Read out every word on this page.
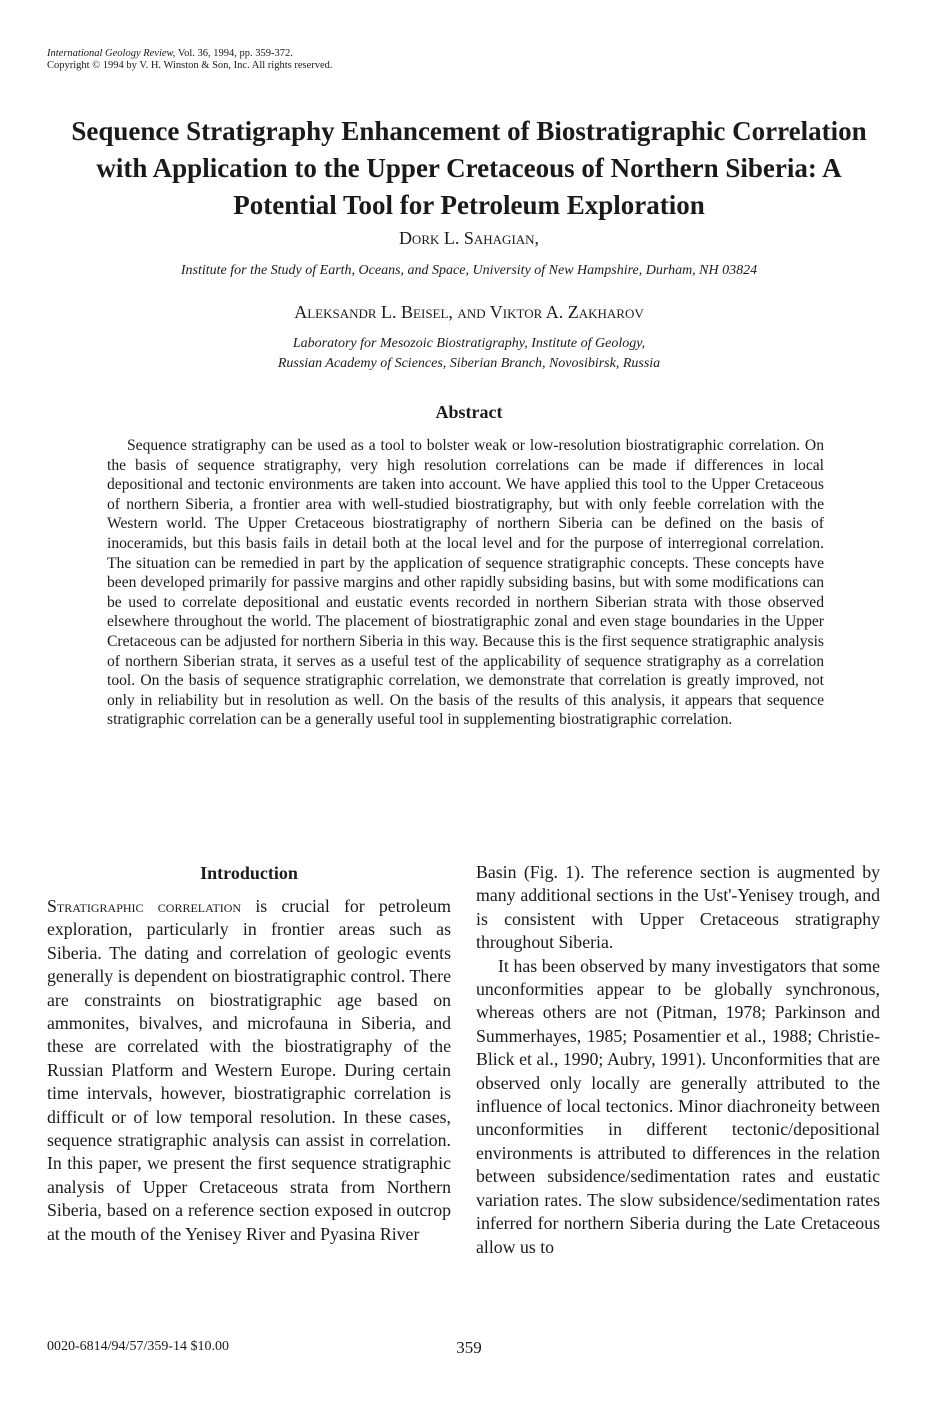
International Geology Review, Vol. 36, 1994, pp. 359-372.
Copyright © 1994 by V. H. Winston & Son, Inc. All rights reserved.
Sequence Stratigraphy Enhancement of Biostratigraphic Correlation with Application to the Upper Cretaceous of Northern Siberia: A Potential Tool for Petroleum Exploration
Dork L. Sahagian,
Institute for the Study of Earth, Oceans, and Space, University of New Hampshire, Durham, NH 03824
Aleksandr L. Beisel, and Viktor A. Zakharov
Laboratory for Mesozoic Biostratigraphy, Institute of Geology,
Russian Academy of Sciences, Siberian Branch, Novosibirsk, Russia
Abstract

Sequence stratigraphy can be used as a tool to bolster weak or low-resolution biostratigraphic correlation. On the basis of sequence stratigraphy, very high resolution correlations can be made if differences in local depositional and tectonic environments are taken into account. We have applied this tool to the Upper Cretaceous of northern Siberia, a frontier area with well-studied biostratigraphy, but with only feeble correlation with the Western world. The Upper Cretaceous biostratigraphy of northern Siberia can be defined on the basis of inoceramids, but this basis fails in detail both at the local level and for the purpose of interregional correlation. The situation can be remedied in part by the application of sequence stratigraphic concepts. These concepts have been developed primarily for passive margins and other rapidly subsiding basins, but with some modifications can be used to correlate depositional and eustatic events recorded in northern Siberian strata with those observed elsewhere throughout the world. The placement of biostratigraphic zonal and even stage boundaries in the Upper Cretaceous can be adjusted for northern Siberia in this way. Because this is the first sequence stratigraphic analysis of northern Siberian strata, it serves as a useful test of the applicability of sequence stratigraphy as a correlation tool. On the basis of sequence stratigraphic correlation, we demonstrate that correlation is greatly improved, not only in reliability but in resolution as well. On the basis of the results of this analysis, it appears that sequence stratigraphic correlation can be a generally useful tool in supplementing biostratigraphic correlation.

Introduction

Stratigraphic correlation is crucial for petroleum exploration, particularly in frontier areas such as Siberia. The dating and correlation of geologic events generally is dependent on biostratigraphic control. There are constraints on biostratigraphic age based on ammonites, bivalves, and microfauna in Siberia, and these are correlated with the biostratigraphy of the Russian Platform and Western Europe. During certain time intervals, however, biostratigraphic correlation is difficult or of low temporal resolution. In these cases, sequence stratigraphic analysis can assist in correlation. In this paper, we present the first sequence stratigraphic analysis of Upper Cretaceous strata from Northern Siberia, based on a reference section exposed in outcrop at the mouth of the Yenisey River and Pyasina River

Basin (Fig. 1). The reference section is augmented by many additional sections in the Ust'-Yenisey trough, and is consistent with Upper Cretaceous stratigraphy throughout Siberia.

It has been observed by many investigators that some unconformities appear to be globally synchronous, whereas others are not (Pitman, 1978; Parkinson and Summerhayes, 1985; Posamentier et al., 1988; Christie-Blick et al., 1990; Aubry, 1991). Unconformities that are observed only locally are generally attributed to the influence of local tectonics. Minor diachroneity between unconformities in different tectonic/depositional environments is attributed to differences in the relation between subsidence/sedimentation rates and eustatic variation rates. The slow subsidence/sedimentation rates inferred for northern Siberia during the Late Cretaceous allow us to

0020-6814/94/57/359-14 $10.00	359
